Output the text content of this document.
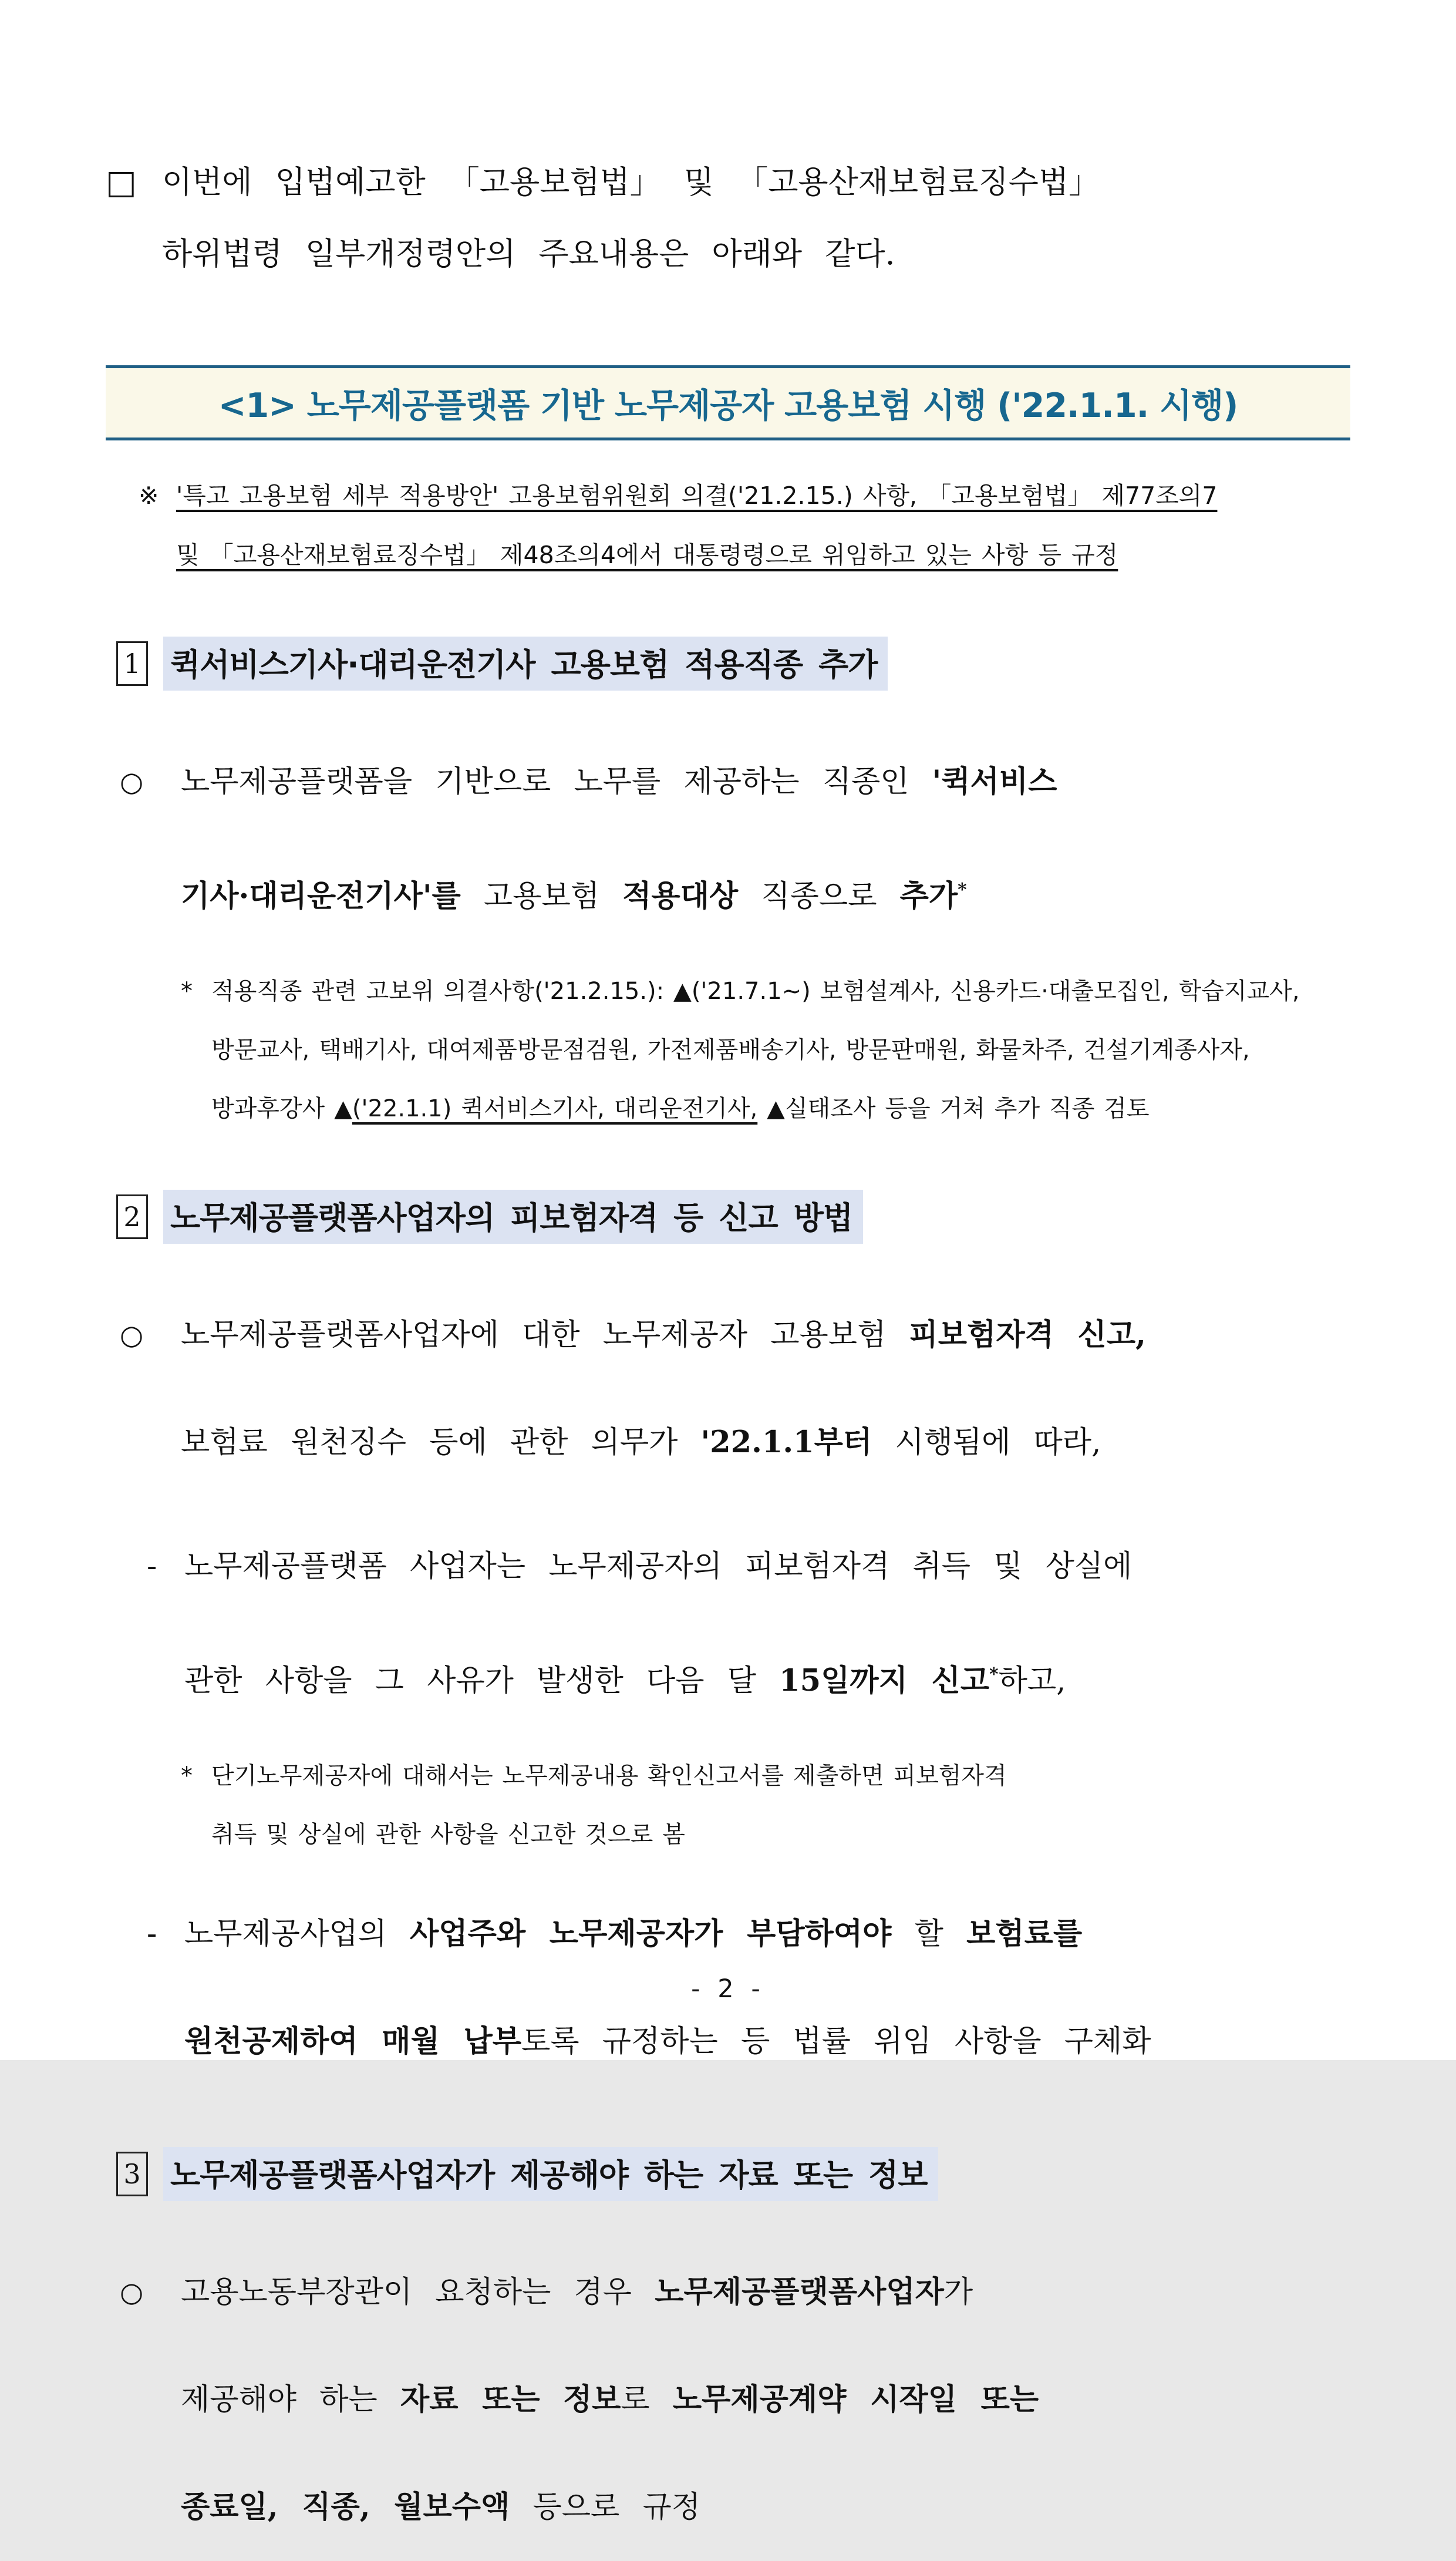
□ 이번에 입법예고한 「고용보험법」 및 「고용산재보험료징수법」
하위법령 일부개정령안의 주요내용은 아래와 같다.
<1> 노무제공플랫폼 기반 노무제공자 고용보험 시행 ('22.1.1. 시행)
※ '특고 고용보험 세부 적용방안' 고용보험위원회 의결('21.2.15.) 사항, 「고용보험법」 제77조의7
및 「고용산재보험료징수법」 제48조의4에서 대통령령으로 위임하고 있는 사항 등 규정
1 퀵서비스기사·대리운전기사 고용보험 적용직종 추가
○	노무제공플랫폼을 기반으로 노무를 제공하는 직종인 '퀵서비스
기사·대리운전기사'를 고용보험 적용대상 직종으로 추가*
* 적용직종 관련 고보위 의결사항('21.2.15.): ▲('21.7.1~) 보험설계사, 신용카드·대출모집인, 학습지교사,
방문교사, 택배기사, 대여제품방문점검원, 가전제품배송기사, 방문판매원, 화물차주, 건설기계종사자,
방과후강사 ▲('22.1.1) 퀵서비스기사, 대리운전기사, ▲실태조사 등을 거쳐 추가 직종 검토
2 노무제공플랫폼사업자의 피보험자격 등 신고 방법
○	노무제공플랫폼사업자에 대한 노무제공자 고용보험 피보험자격 신고,
보험료 원천징수 등에 관한 의무가 '22.1.1부터 시행됨에 따라,
- 노무제공플랫폼 사업자는 노무제공자의 피보험자격 취득 및 상실에
관한 사항을 그 사유가 발생한 다음 달 15일까지 신고*하고,
* 단기노무제공자에 대해서는 노무제공내용 확인신고서를 제출하면 피보험자격
취득 및 상실에 관한 사항을 신고한 것으로 봄
- 노무제공사업의 사업주와 노무제공자가 부담하여야 할 보험료를
원천공제하여 매월 납부토록 규정하는 등 법률 위임 사항을 구체화
3 노무제공플랫폼사업자가 제공해야 하는 자료 또는 정보
○	고용노동부장관이 요청하는 경우 노무제공플랫폼사업자가
제공해야 하는 자료 또는 정보로 노무제공계약 시작일 또는
종료일, 직종, 월보수액 등으로 규정
- 2 -
